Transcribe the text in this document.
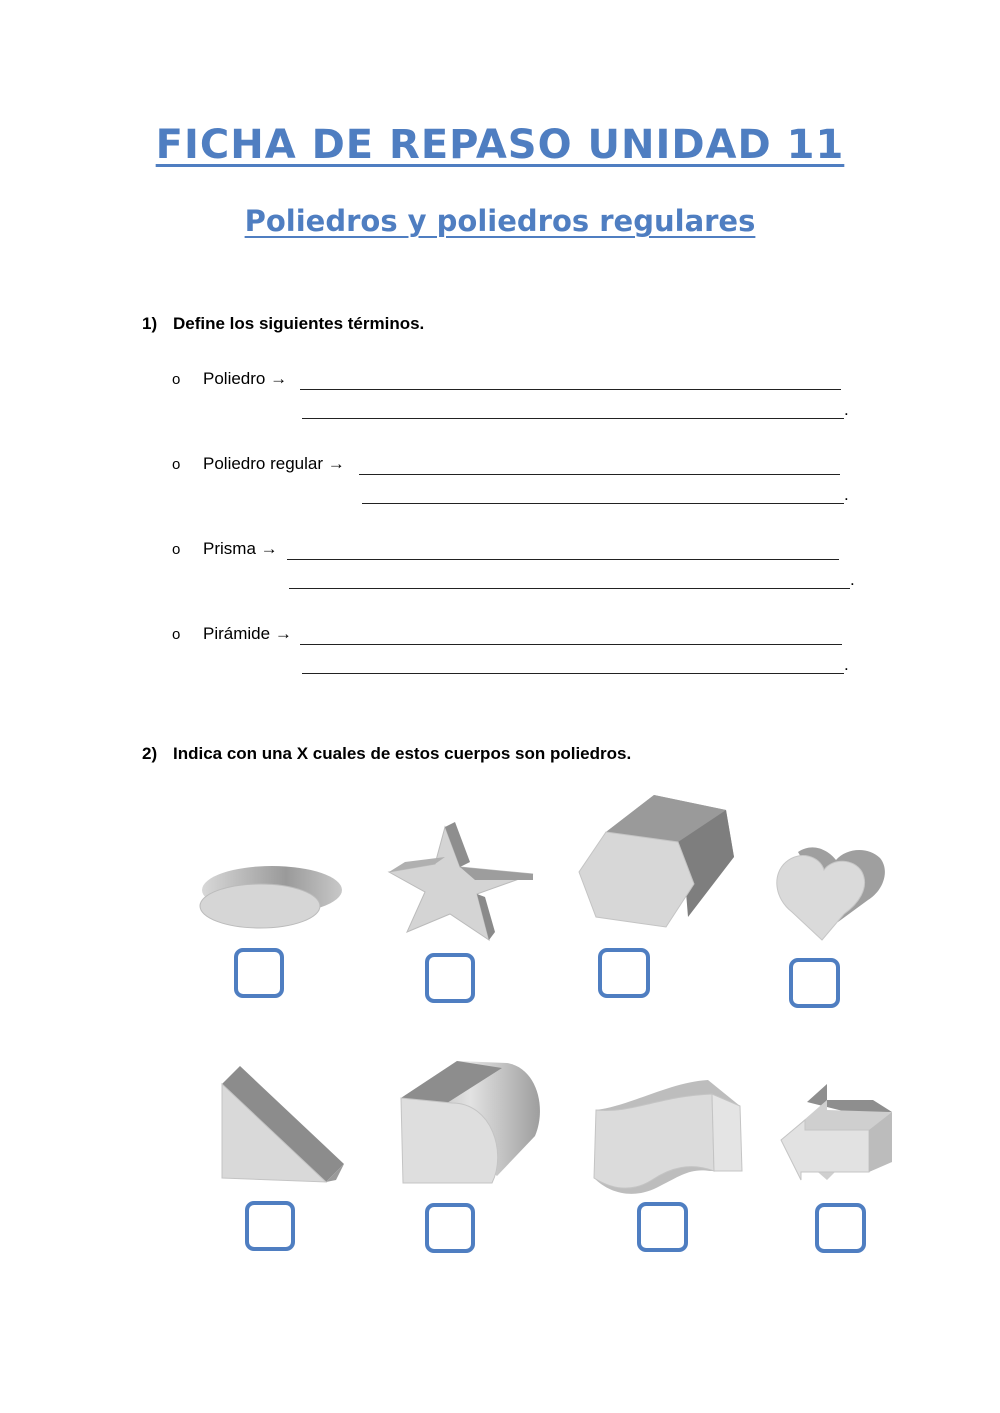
FICHA DE REPASO UNIDAD 11
Poliedros y poliedros regulares
1) Define los siguientes términos.
o Poliedro →
.
o Poliedro regular →
.
o Prisma →
.
o Pirámide →
.
2) Indica con una X cuales de estos cuerpos son poliedros.
